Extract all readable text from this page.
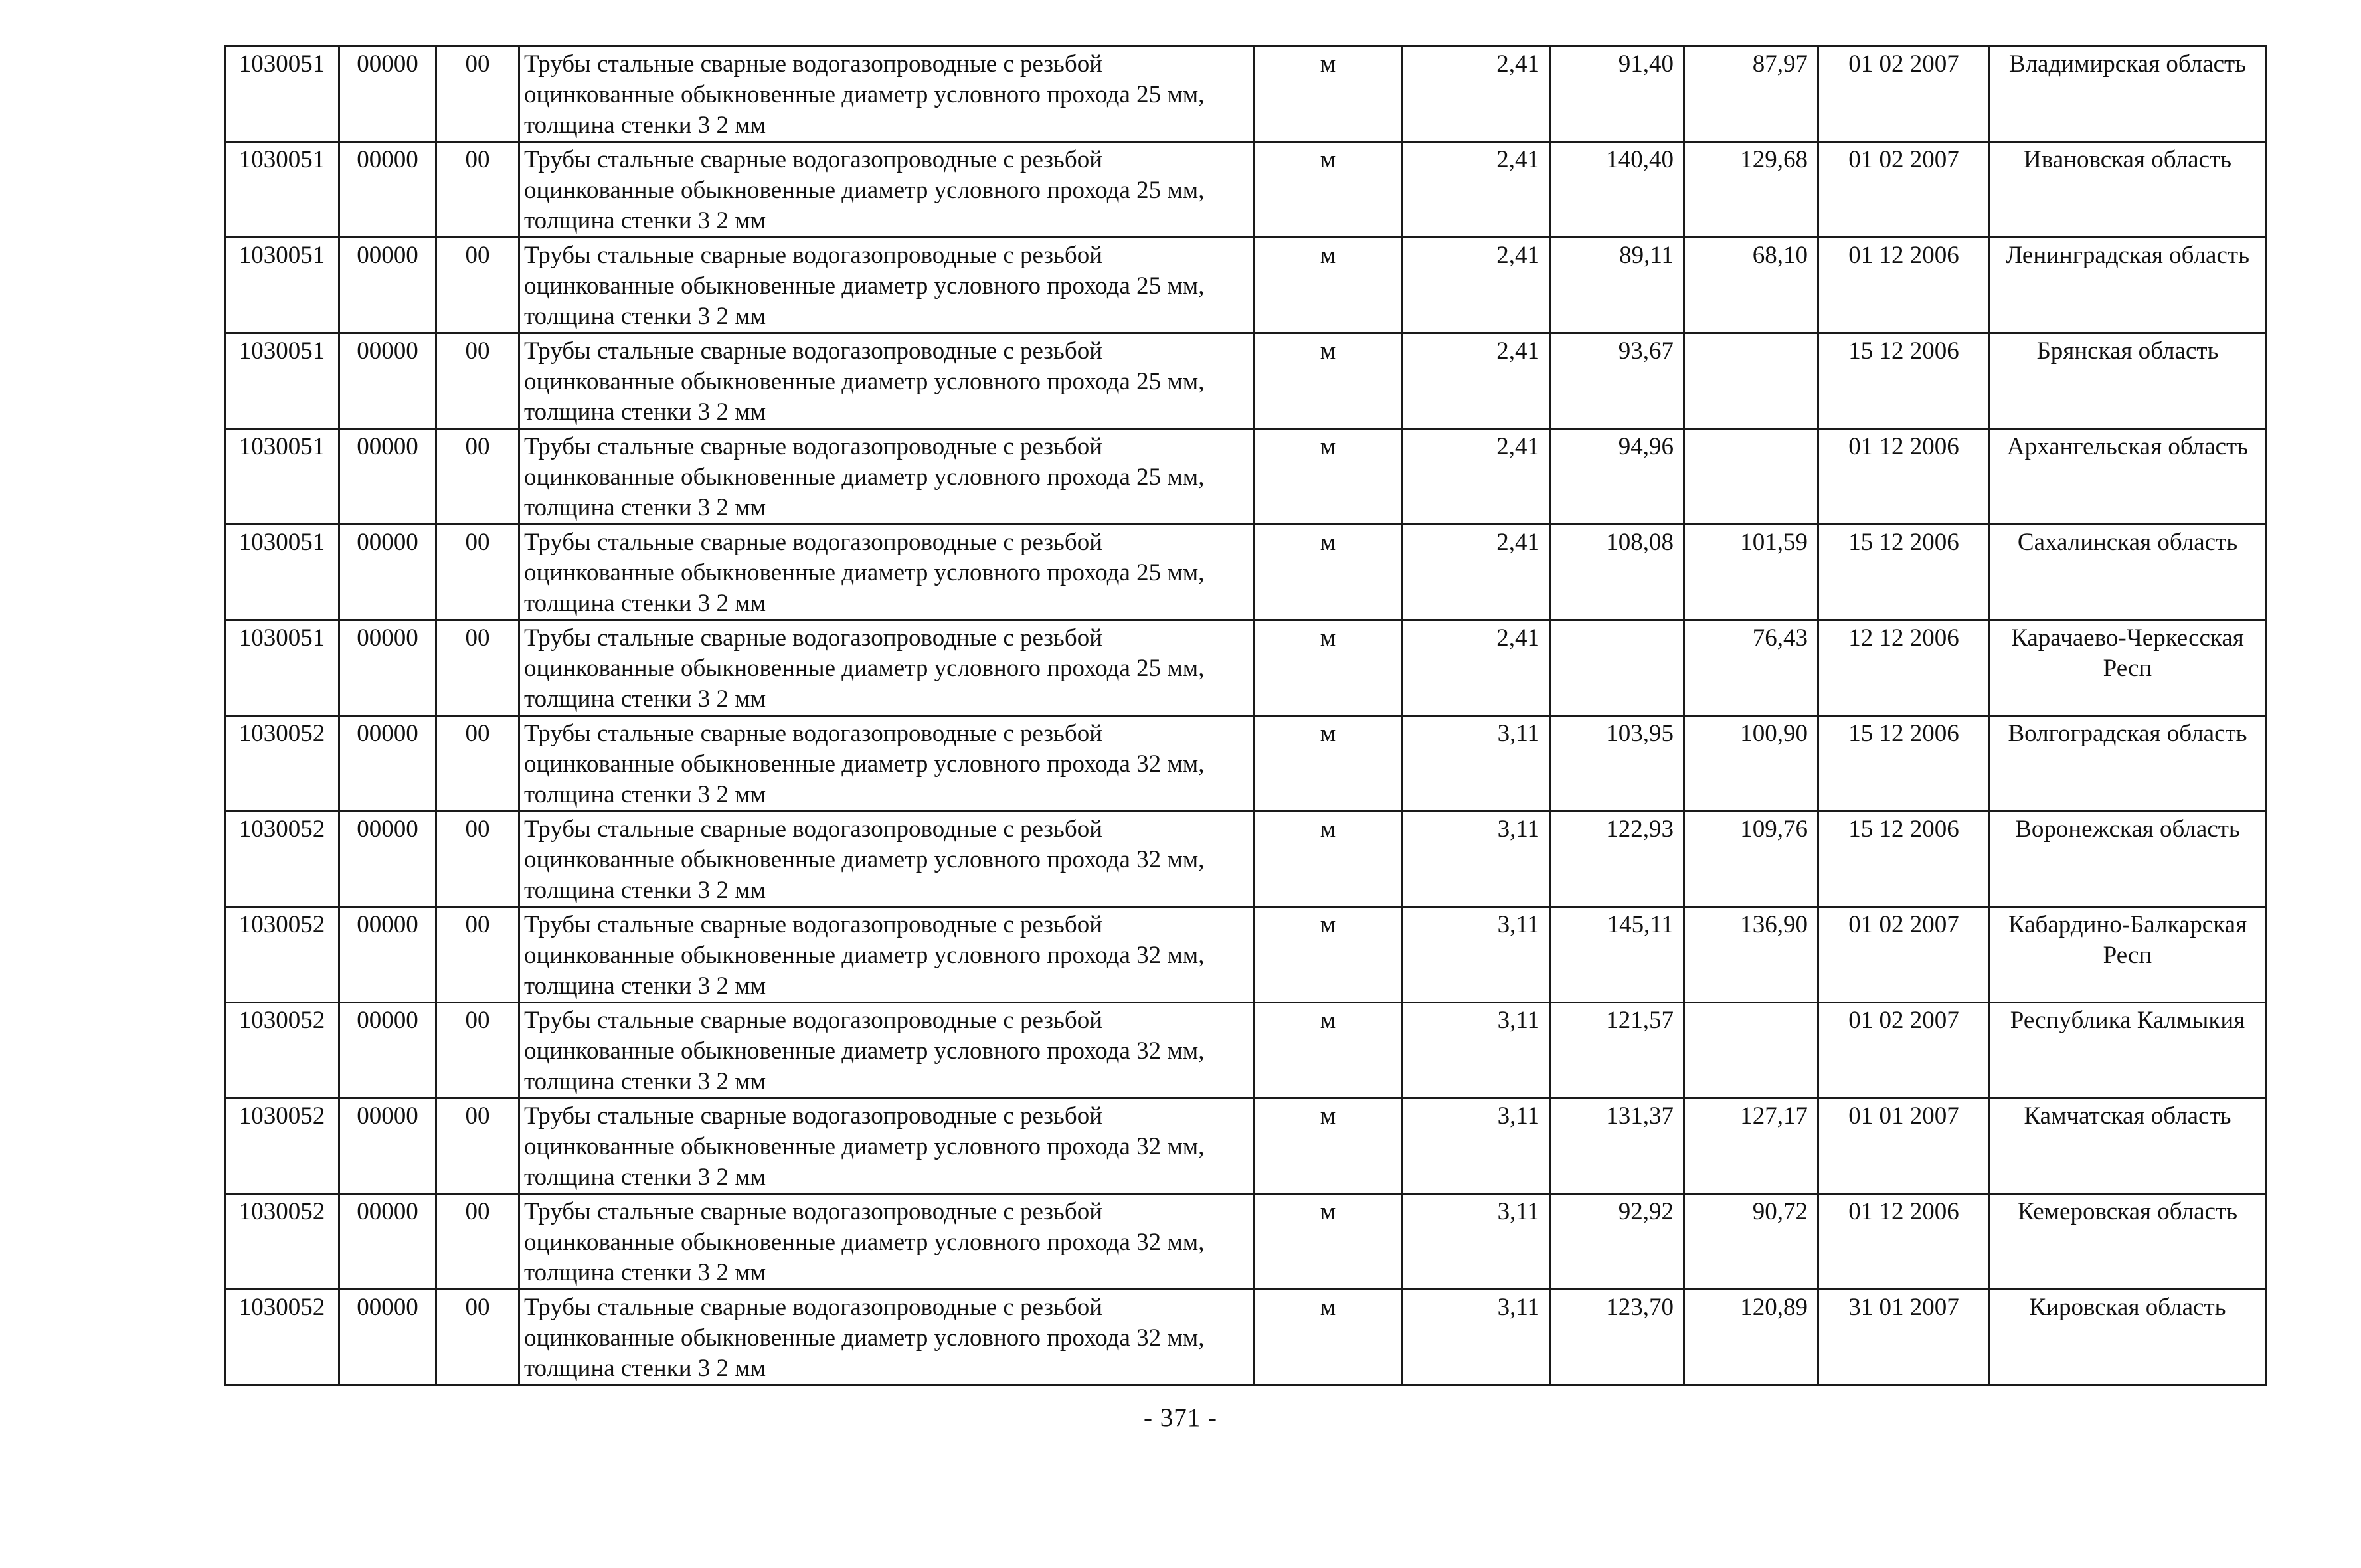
1030051	00000	00	Трубы стальные сварные водогазопроводные с резьбой оцинкованные обыкновенные диаметр условного прохода 25 мм, толщина стенки 3 2 мм	м	2,41	91,40	87,97	01 02 2007	Владимирская область
1030051	00000	00	Трубы стальные сварные водогазопроводные с резьбой оцинкованные обыкновенные диаметр условного прохода 25 мм, толщина стенки 3 2 мм	м	2,41	140,40	129,68	01 02 2007	Ивановская область
1030051	00000	00	Трубы стальные сварные водогазопроводные с резьбой оцинкованные обыкновенные диаметр условного прохода 25 мм, толщина стенки 3 2 мм	м	2,41	89,11	68,10	01 12 2006	Ленинградская область
1030051	00000	00	Трубы стальные сварные водогазопроводные с резьбой оцинкованные обыкновенные диаметр условного прохода 25 мм, толщина стенки 3 2 мм	м	2,41	93,67		15 12 2006	Брянская область
1030051	00000	00	Трубы стальные сварные водогазопроводные с резьбой оцинкованные обыкновенные диаметр условного прохода 25 мм, толщина стенки 3 2 мм	м	2,41	94,96		01 12 2006	Архангельская область
1030051	00000	00	Трубы стальные сварные водогазопроводные с резьбой оцинкованные обыкновенные диаметр условного прохода 25 мм, толщина стенки 3 2 мм	м	2,41	108,08	101,59	15 12 2006	Сахалинская область
1030051	00000	00	Трубы стальные сварные водогазопроводные с резьбой оцинкованные обыкновенные диаметр условного прохода 25 мм, толщина стенки 3 2 мм	м	2,41		76,43	12 12 2006	Карачаево-Черкесская Респ
1030052	00000	00	Трубы стальные сварные водогазопроводные с резьбой оцинкованные обыкновенные диаметр условного прохода 32 мм, толщина стенки 3 2 мм	м	3,11	103,95	100,90	15 12 2006	Волгоградская область
1030052	00000	00	Трубы стальные сварные водогазопроводные с резьбой оцинкованные обыкновенные диаметр условного прохода 32 мм, толщина стенки 3 2 мм	м	3,11	122,93	109,76	15 12 2006	Воронежская область
1030052	00000	00	Трубы стальные сварные водогазопроводные с резьбой оцинкованные обыкновенные диаметр условного прохода 32 мм, толщина стенки 3 2 мм	м	3,11	145,11	136,90	01 02 2007	Кабардино-Балкарская Респ
1030052	00000	00	Трубы стальные сварные водогазопроводные с резьбой оцинкованные обыкновенные диаметр условного прохода 32 мм, толщина стенки 3 2 мм	м	3,11	121,57		01 02 2007	Республика Калмыкия
1030052	00000	00	Трубы стальные сварные водогазопроводные с резьбой оцинкованные обыкновенные диаметр условного прохода 32 мм, толщина стенки 3 2 мм	м	3,11	131,37	127,17	01 01 2007	Камчатская область
1030052	00000	00	Трубы стальные сварные водогазопроводные с резьбой оцинкованные обыкновенные диаметр условного прохода 32 мм, толщина стенки 3 2 мм	м	3,11	92,92	90,72	01 12 2006	Кемеровская область
1030052	00000	00	Трубы стальные сварные водогазопроводные с резьбой оцинкованные обыкновенные диаметр условного прохода 32 мм, толщина стенки 3 2 мм	м	3,11	123,70	120,89	31 01 2007	Кировская область
- 371 -
